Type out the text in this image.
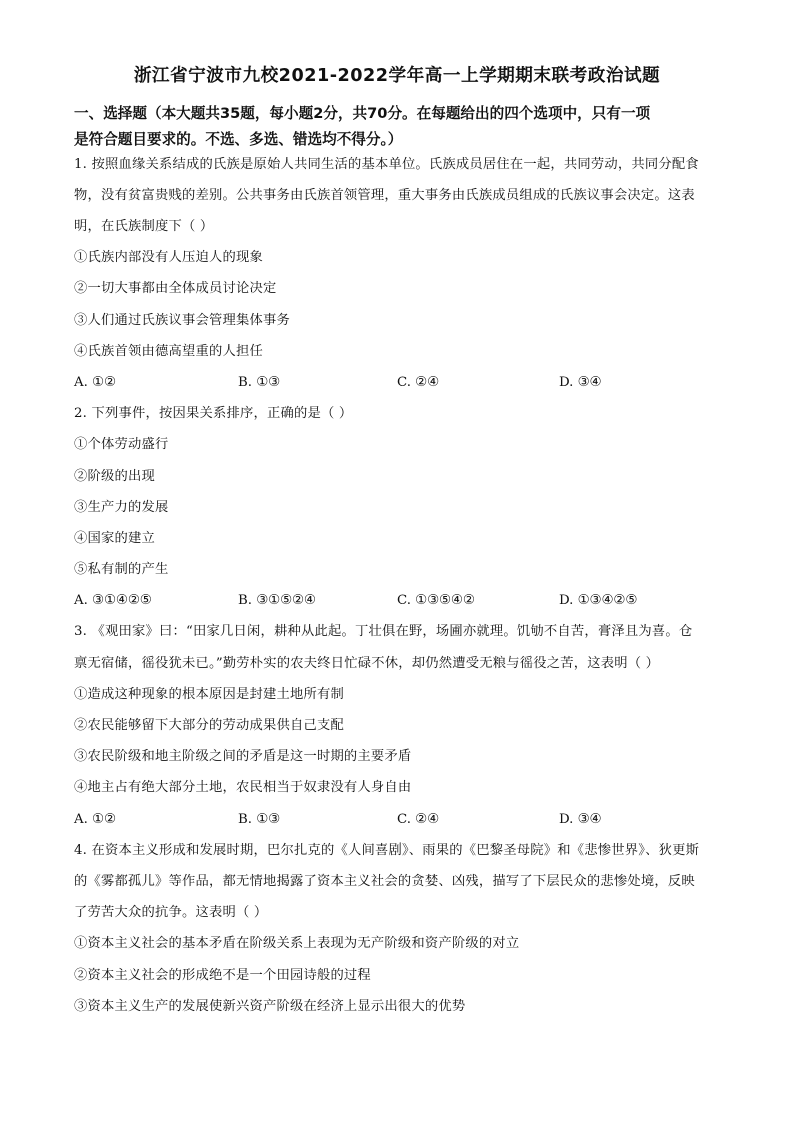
浙江省宁波市九校2021-2022学年高一上学期期末联考政治试题
一、选择题（本大题共35题，每小题2分，共70分。在每题给出的四个选项中，只有一项
是符合题目要求的。不选、多选、错选均不得分。）
1. 按照血缘关系结成的氏族是原始人共同生活的基本单位。氏族成员居住在一起，共同劳动，共同分配食
物，没有贫富贵贱的差别。公共事务由氏族首领管理，重大事务由氏族成员组成的氏族议事会决定。这表
明，在氏族制度下（ ）
①氏族内部没有人压迫人的现象
②一切大事都由全体成员讨论决定
③人们通过氏族议事会管理集体事务
④氏族首领由德高望重的人担任
A. ①②	B. ①③	C. ②④	D. ③④
2. 下列事件，按因果关系排序，正确的是（ ）
①个体劳动盛行
②阶级的出现
③生产力的发展
④国家的建立
⑤私有制的产生
A. ③①④②⑤	B. ③①⑤②④	C. ①③⑤④②	D. ①③④②⑤
3. 《观田家》曰：“田家几日闲，耕种从此起。丁壮俱在野，场圃亦就理。饥劬不自苦，膏泽且为喜。仓
禀无宿储，徭役犹未已。”勤劳朴实的农夫终日忙碌不休，却仍然遭受无粮与徭役之苦，这表明（ ）
①造成这种现象的根本原因是封建土地所有制
②农民能够留下大部分的劳动成果供自己支配
③农民阶级和地主阶级之间的矛盾是这一时期的主要矛盾
④地主占有绝大部分土地，农民相当于奴隶没有人身自由
A. ①②	B. ①③	C. ②④	D. ③④
4. 在资本主义形成和发展时期，巴尔扎克的《人间喜剧》、雨果的《巴黎圣母院》和《悲惨世界》、狄更斯
的《雾都孤儿》等作品，都无情地揭露了资本主义社会的贪婪、凶残，描写了下层民众的悲惨处境，反映
了劳苦大众的抗争。这表明（ ）
①资本主义社会的基本矛盾在阶级关系上表现为无产阶级和资产阶级的对立
②资本主义社会的形成绝不是一个田园诗般的过程
③资本主义生产的发展使新兴资产阶级在经济上显示出很大的优势
